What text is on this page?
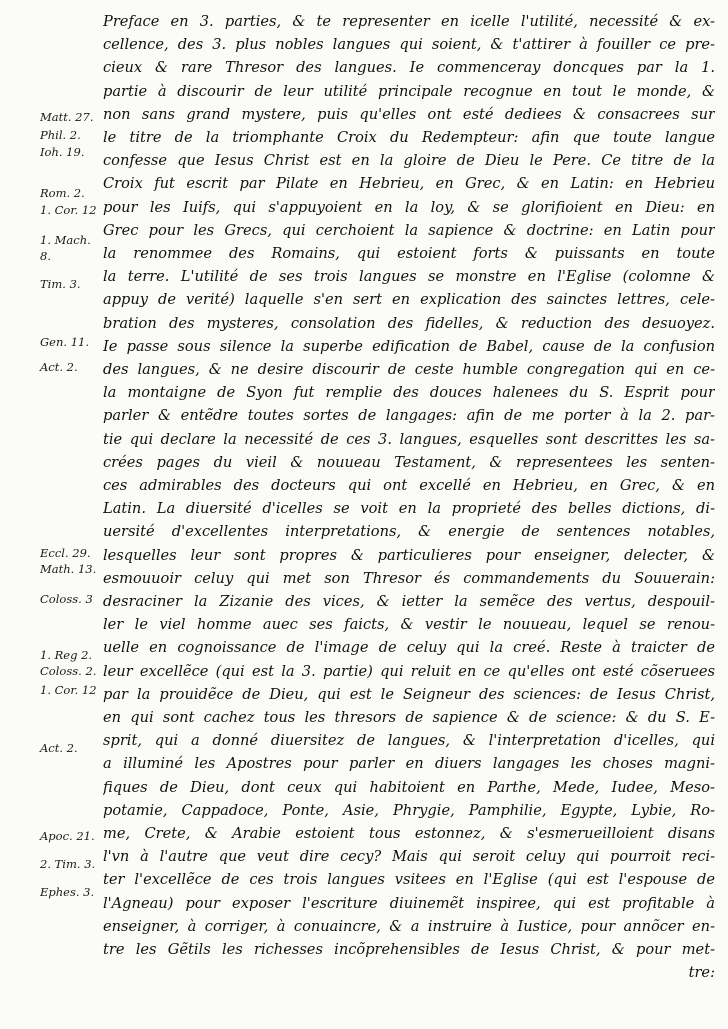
Matt. 27.
Phil. 2.
Ioh. 19.
Rom. 2.
1. Cor. 12
1. Mach.
8.
Tim. 3.
Gen. 11.
Act. 2.
Eccl. 29.
Math. 13.
Coloss. 3
1. Reg 2.
Coloss. 2.
1. Cor. 12
Act. 2.
Apoc. 21.
2. Tim. 3.
Ephes. 3.
Preface en 3. parties, & te representer en icelle l'utilité, necessité & ex-
cellence, des 3. plus nobles langues qui soient, & t'attirer à fouiller ce pre-
cieux & rare Thresor des langues. Ie commenceray doncques par la 1.
partie à discourir de leur utilité principale recognue en tout le monde, &
non sans grand mystere, puis qu'elles ont esté dediees & consacrees sur
le titre de la triomphante Croix du Redempteur: afin que toute langue
confesse que Iesus Christ est en la gloire de Dieu le Pere. Ce titre de la
Croix fut escrit par Pilate en Hebrieu, en Grec, & en Latin: en Hebrieu
pour les Iuifs, qui s'appuyoient en la loy, & se glorifioient en Dieu: en
Grec pour les Grecs, qui cerchoient la sapience & doctrine: en Latin pour
la renommee des Romains, qui estoient forts & puissants en toute
la terre. L'utilité de ses trois langues se monstre en l'Eglise (colomne &
appuy de verité) laquelle s'en sert en explication des sainctes lettres, cele-
bration des mysteres, consolation des fidelles, & reduction des desuoyez.
Ie passe sous silence la superbe edification de Babel, cause de la confusion
des langues, & ne desire discourir de ceste humble congregation qui en ce-
la montaigne de Syon fut remplie des douces halenees du S. Esprit pour
parler & entẽdre toutes sortes de langages: afin de me porter à la 2. par-
tie qui declare la necessité de ces 3. langues, esquelles sont descrittes les sa-
crées pages du vieil & nouueau Testament, & representees les senten-
ces admirables des docteurs qui ont excellé en Hebrieu, en Grec, & en
Latin. La diuersité d'icelles se voit en la proprieté des belles dictions, di-
uersité d'excellentes interpretations, & energie de sentences notables,
lesquelles leur sont propres & particulieres pour enseigner, delecter, &
esmouuoir celuy qui met son Thresor és commandements du Souuerain:
desraciner la Zizanie des vices, & ietter la semẽce des vertus, despouil-
ler le viel homme auec ses faicts, & vestir le nouueau, lequel se renou-
uelle en cognoissance de l'image de celuy qui la creé. Reste à traicter de
leur excellẽce (qui est la 3. partie) qui reluit en ce qu'elles ont esté cõseruees
par la prouidẽce de Dieu, qui est le Seigneur des sciences: de Iesus Christ,
en qui sont cachez tous les thresors de sapience & de science: & du S. E-
sprit, qui a donné diuersitez de langues, & l'interpretation d'icelles, qui
a illuminé les Apostres pour parler en diuers langages les choses magni-
fiques de Dieu, dont ceux qui habitoient en Parthe, Mede, Iudee, Meso-
potamie, Cappadoce, Ponte, Asie, Phrygie, Pamphilie, Egypte, Lybie, Ro-
me, Crete, & Arabie estoient tous estonnez, & s'esmerueilloient disans
l'vn à l'autre que veut dire cecy? Mais qui seroit celuy qui pourroit reci-
ter l'excellẽce de ces trois langues vsitees en l'Eglise (qui est l'espouse de
l'Agneau) pour exposer l'escriture diuinemẽt inspiree, qui est profitable à
enseigner, à corriger, à conuaincre, & a instruire à Iustice, pour annõcer en-
tre les Gẽtils les richesses incõprehensibles de Iesus Christ, & pour met-
tre:
